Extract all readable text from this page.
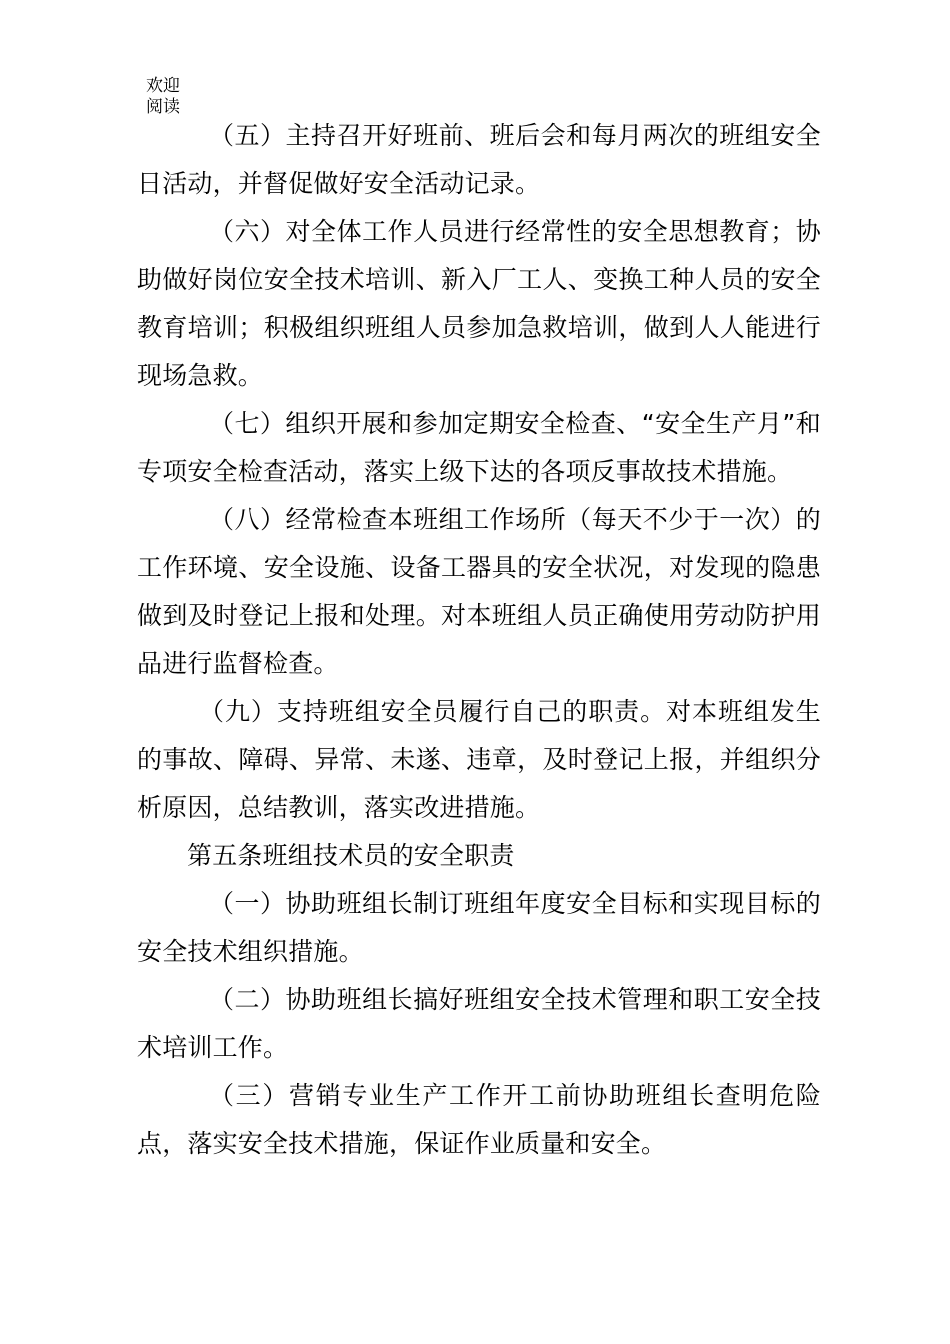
欢迎
阅读

（五）主持召开好班前、班后会和每月两次的班组安全日活动，并督促做好安全活动记录。

（六）对全体工作人员进行经常性的安全思想教育；协助做好岗位安全技术培训、新入厂工人、变换工种人员的安全教育培训；积极组织班组人员参加急救培训，做到人人能进行现场急救。

（七）组织开展和参加定期安全检查、“安全生产月”和专项安全检查活动，落实上级下达的各项反事故技术措施。

（八）经常检查本班组工作场所（每天不少于一次）的工作环境、安全设施、设备工器具的安全状况，对发现的隐患做到及时登记上报和处理。对本班组人员正确使用劳动防护用品进行监督检查。

（九）支持班组安全员履行自己的职责。对本班组发生的事故、障碍、异常、未遂、违章，及时登记上报，并组织分析原因，总结教训，落实改进措施。

第五条班组技术员的安全职责

（一）协助班组长制订班组年度安全目标和实现目标的安全技术组织措施。

（二）协助班组长搞好班组安全技术管理和职工安全技术培训工作。

（三）营销专业生产工作开工前协助班组长查明危险点，落实安全技术措施，保证作业质量和安全。
